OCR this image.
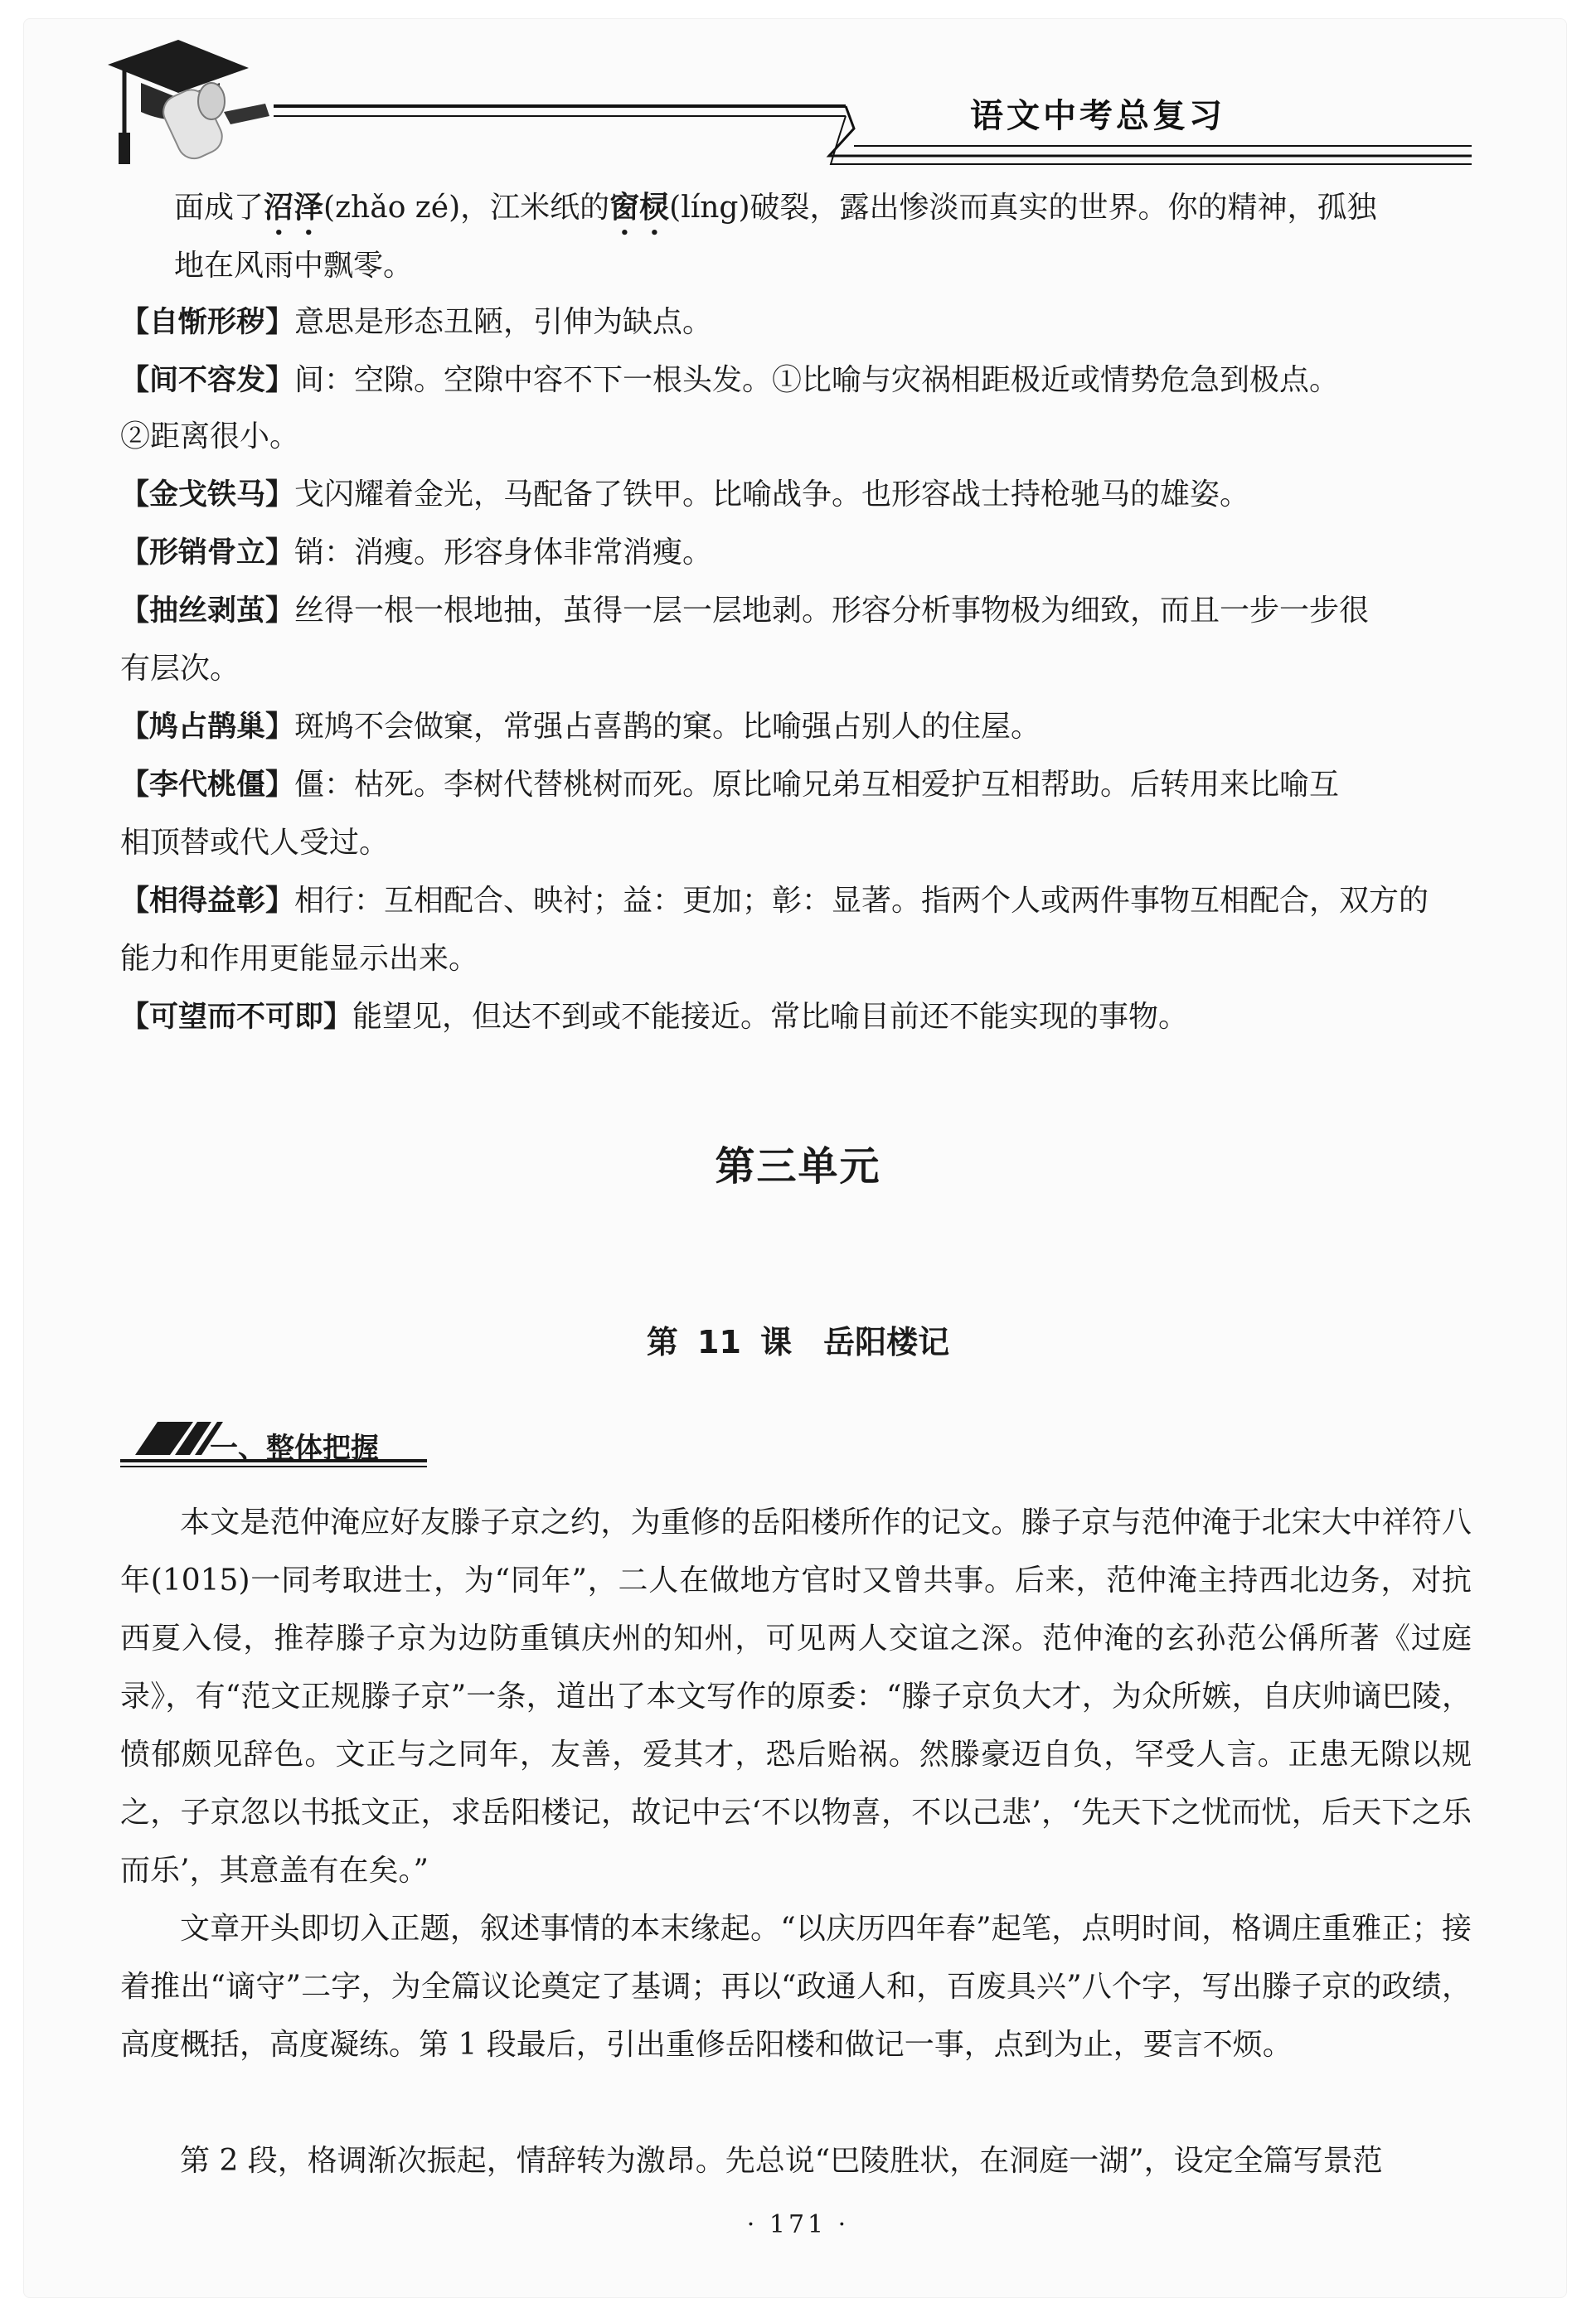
语文中考总复习
面成了沼泽(zhǎo zé)，江米纸的窗棂(líng)破裂，露出惨淡而真实的世界。你的精神，孤独
地在风雨中飘零。
【自惭形秽】意思是形态丑陋，引伸为缺点。
【间不容发】间：空隙。空隙中容不下一根头发。①比喻与灾祸相距极近或情势危急到极点。
②距离很小。
【金戈铁马】戈闪耀着金光，马配备了铁甲。比喻战争。也形容战士持枪驰马的雄姿。
【形销骨立】销：消瘦。形容身体非常消瘦。
【抽丝剥茧】丝得一根一根地抽，茧得一层一层地剥。形容分析事物极为细致，而且一步一步很
有层次。
【鸠占鹊巢】斑鸠不会做窠，常强占喜鹊的窠。比喻强占别人的住屋。
【李代桃僵】僵：枯死。李树代替桃树而死。原比喻兄弟互相爱护互相帮助。后转用来比喻互
相顶替或代人受过。
【相得益彰】相行：互相配合、映衬；益：更加；彰：显著。指两个人或两件事物互相配合，双方的
能力和作用更能显示出来。
【可望而不可即】能望见，但达不到或不能接近。常比喻目前还不能实现的事物。
第三单元
第 11 课　岳阳楼记
一、整体把握
本文是范仲淹应好友滕子京之约，为重修的岳阳楼所作的记文。滕子京与范仲淹于北宋大中祥符八年(1015)一同考取进士，为“同年”，二人在做地方官时又曾共事。后来，范仲淹主持西北边务，对抗西夏入侵，推荐滕子京为边防重镇庆州的知州，可见两人交谊之深。范仲淹的玄孙范公偁所著《过庭录》，有“范文正规滕子京”一条，道出了本文写作的原委：“滕子京负大才，为众所嫉，自庆帅谪巴陵，愤郁颇见辞色。文正与之同年，友善，爱其才，恐后贻祸。然滕豪迈自负，罕受人言。正患无隙以规之，子京忽以书抵文正，求岳阳楼记，故记中云‘不以物喜，不以己悲’，‘先天下之忧而忧，后天下之乐而乐’，其意盖有在矣。”
文章开头即切入正题，叙述事情的本末缘起。“以庆历四年春”起笔，点明时间，格调庄重雅正；接着推出“谪守”二字，为全篇议论奠定了基调；再以“政通人和，百废具兴”八个字，写出滕子京的政绩，高度概括，高度凝练。第 1 段最后，引出重修岳阳楼和做记一事，点到为止，要言不烦。
第 2 段，格调渐次振起，情辞转为激昂。先总说“巴陵胜状，在洞庭一湖”，设定全篇写景范
· 171 ·
